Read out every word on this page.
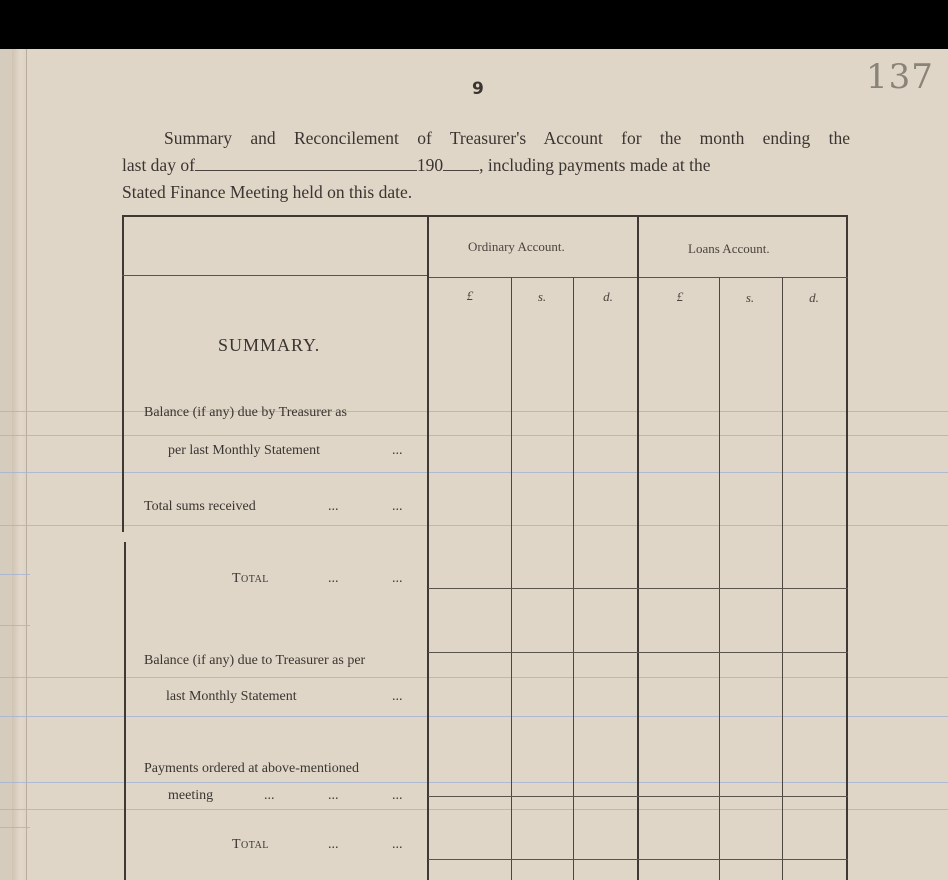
9	137
Summary and Reconcilement of Treasurer's Account for the month ending the
last day of	190 , including payments made at the
Stated Finance Meeting held on this date.
Ordinary Account.	Loans Account.
£	s.	d.	£	s.	d.
SUMMARY.
Balance (if any) due by Treasurer as
per last Monthly Statement	...
Total sums received	...	...
Total	...	...
Balance (if any) due to Treasurer as per
last Monthly Statement	...
Payments ordered at above-mentioned
meeting	...	...	...
Total	...	...
